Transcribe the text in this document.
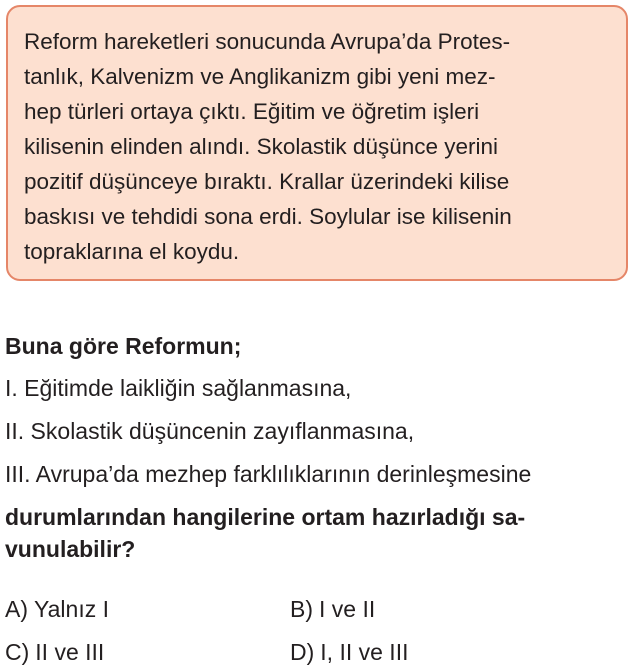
Reform hareketleri sonucunda Avrupa’da Protes-
tanlık, Kalvenizm ve Anglikanizm gibi yeni mez-
hep türleri ortaya çıktı. Eğitim ve öğretim işleri
kilisenin elinden alındı. Skolastik düşünce yerini
pozitif düşünceye bıraktı. Krallar üzerindeki kilise
baskısı ve tehdidi sona erdi. Soylular ise kilisenin
topraklarına el koydu.
Buna göre Reformun;
I. Eğitimde laikliğin sağlanmasına,
II. Skolastik düşüncenin zayıflanmasına,
III. Avrupa’da mezhep farklılıklarının derinleşmesine
durumlarından hangilerine ortam hazırladığı sa-
vunulabilir?
A) Yalnız I	B) I ve II
C) II ve III	D) I, II ve III
